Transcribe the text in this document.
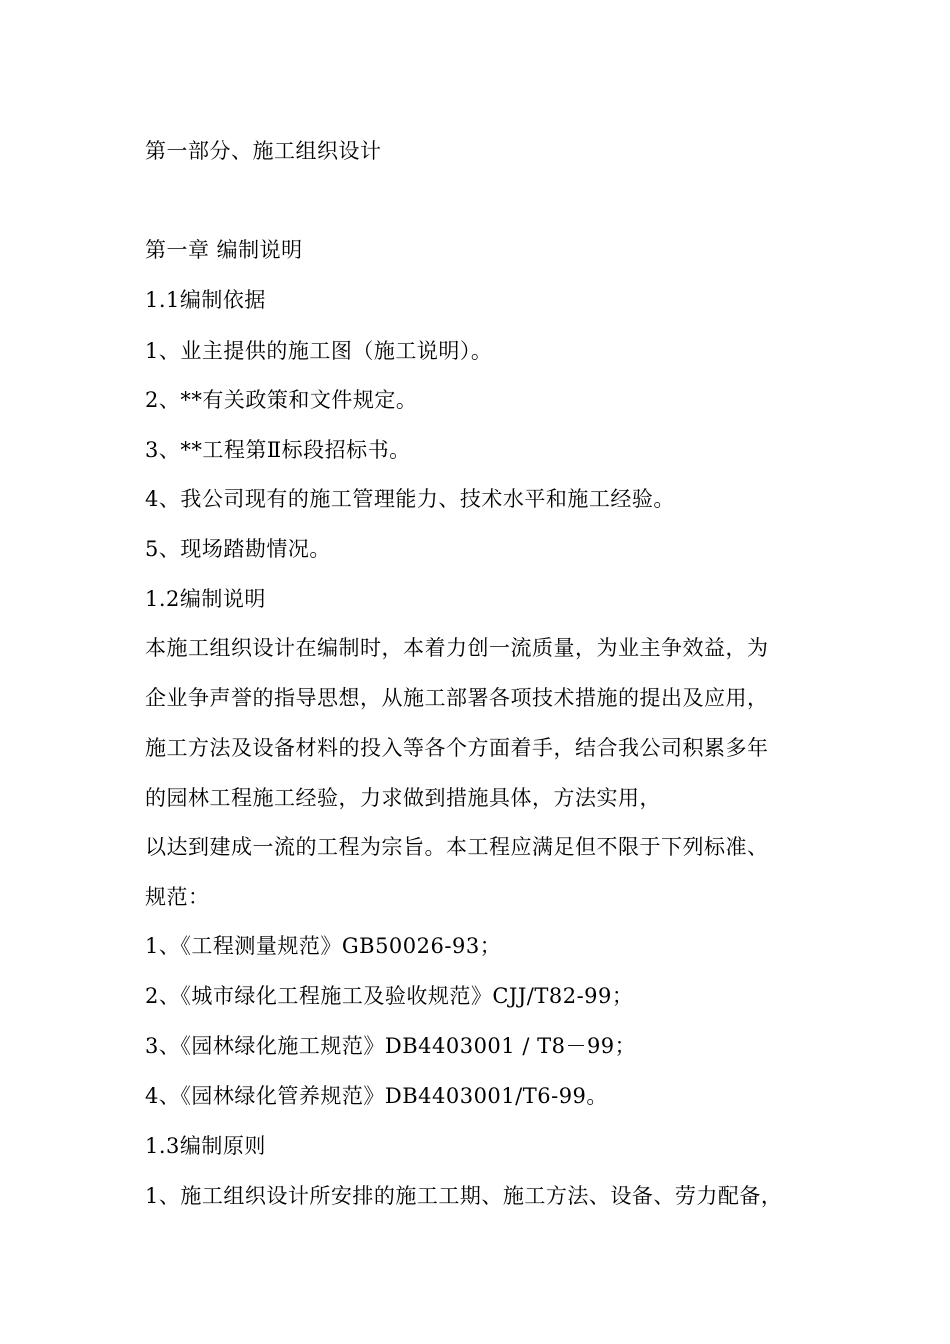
第一部分、施工组织设计

第一章 编制说明

1.1编制依据

1、业主提供的施工图（施工说明）。

2、**有关政策和文件规定。

3、**工程第Ⅱ标段招标书。

4、我公司现有的施工管理能力、技术水平和施工经验。

5、现场踏勘情况。

1.2编制说明

本施工组织设计在编制时，本着力创一流质量，为业主争效益，为

企业争声誉的指导思想，从施工部署各项技术措施的提出及应用，

施工方法及设备材料的投入等各个方面着手，结合我公司积累多年

的园林工程施工经验，力求做到措施具体，方法实用，

以达到建成一流的工程为宗旨。本工程应满足但不限于下列标准、

规范：

1、《工程测量规范》GB50026-93；

2、《城市绿化工程施工及验收规范》CJJ/T82-99；

3、《园林绿化施工规范》DB4403001 / T8－99；

4、《园林绿化管养规范》DB4403001/T6-99。

1.3编制原则

1、施工组织设计所安排的施工工期、施工方法、设备、劳力配备，
